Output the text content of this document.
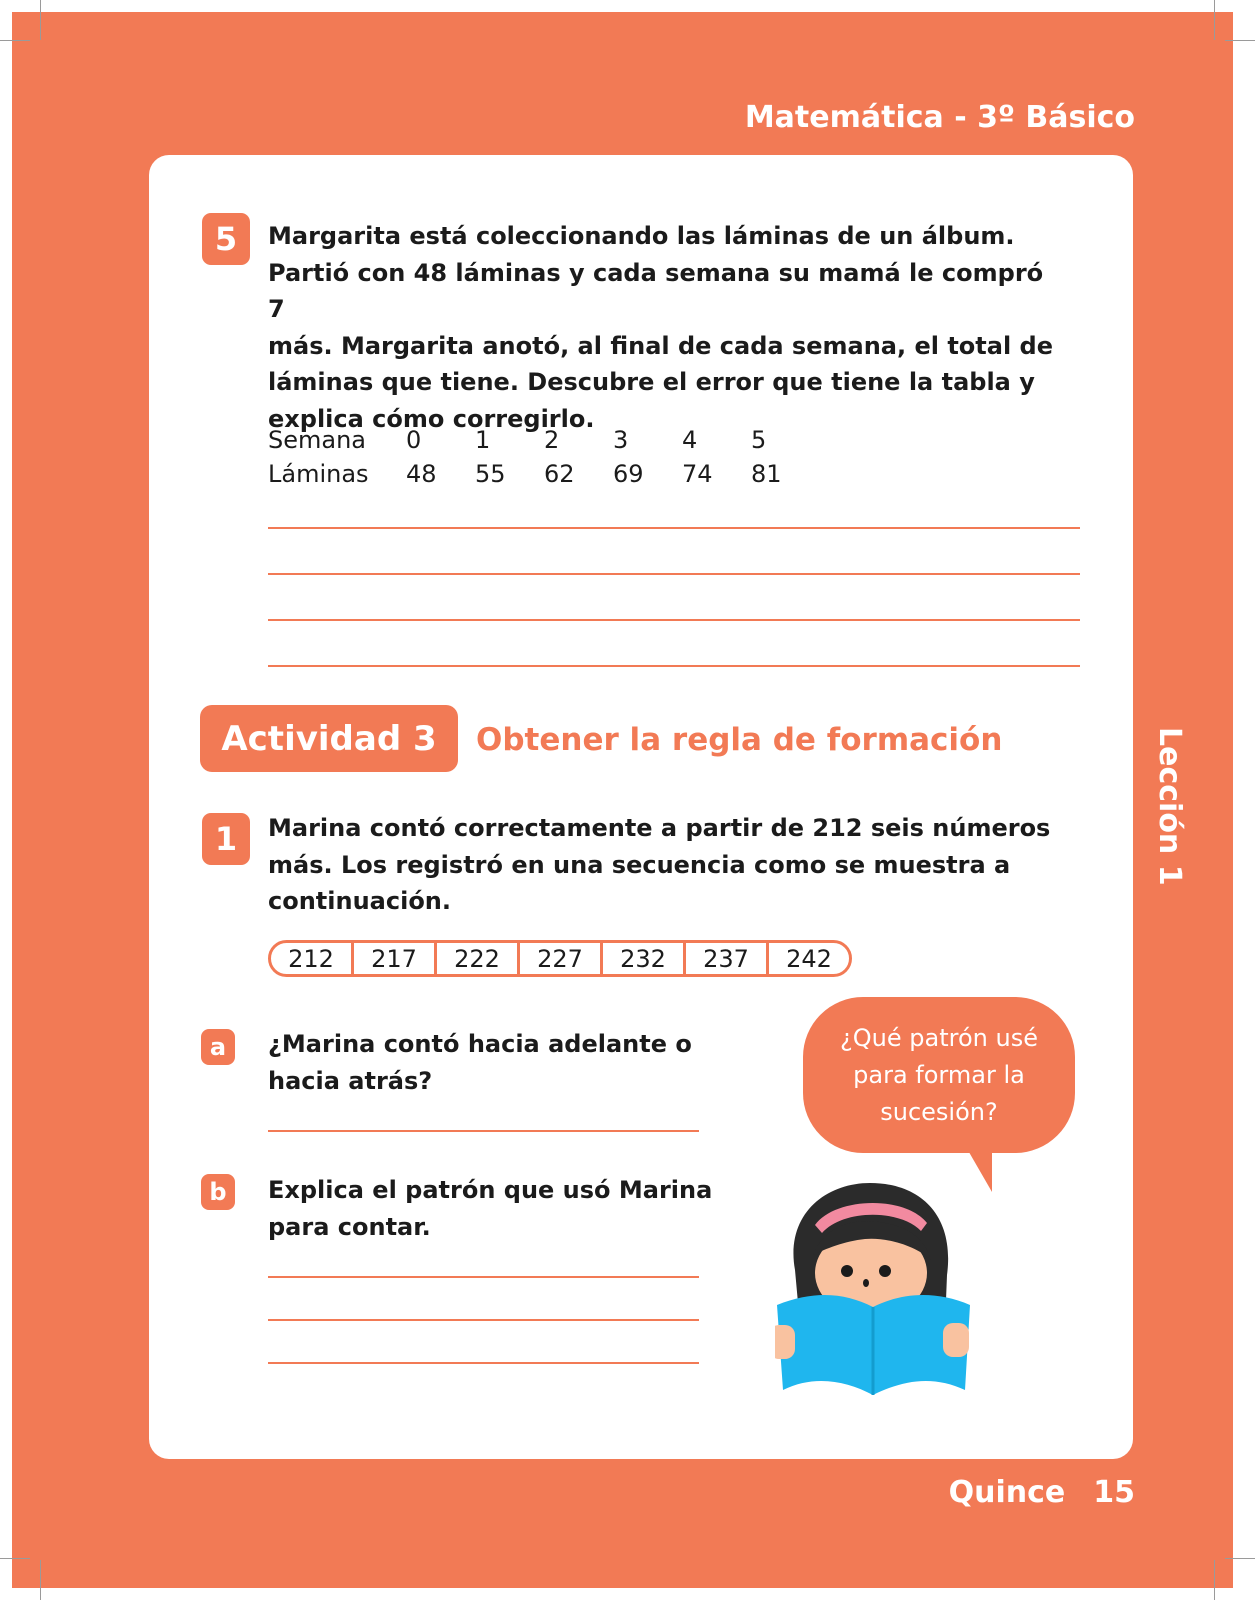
Matemática - 3º Básico
Lección 1
5	Margarita está coleccionando las láminas de un álbum.
Partió con 48 láminas y cada semana su mamá le compró 7
más. Margarita anotó, al final de cada semana, el total de
láminas que tiene. Descubre el error que tiene la tabla y
explica cómo corregirlo.
Semana	0	1	2	3	4	5
Láminas	48	55	62	69	74	81
Actividad 3	Obtener la regla de formación
1	Marina contó correctamente a partir de 212 seis números
más. Los registró en una secuencia como se muestra a
continuación.
212	217	222	227	232	237	242
a	¿Marina contó hacia adelante o
hacia atrás?
b	Explica el patrón que usó Marina
para contar.
¿Qué patrón usé
para formar la
sucesión?
Quince 15
